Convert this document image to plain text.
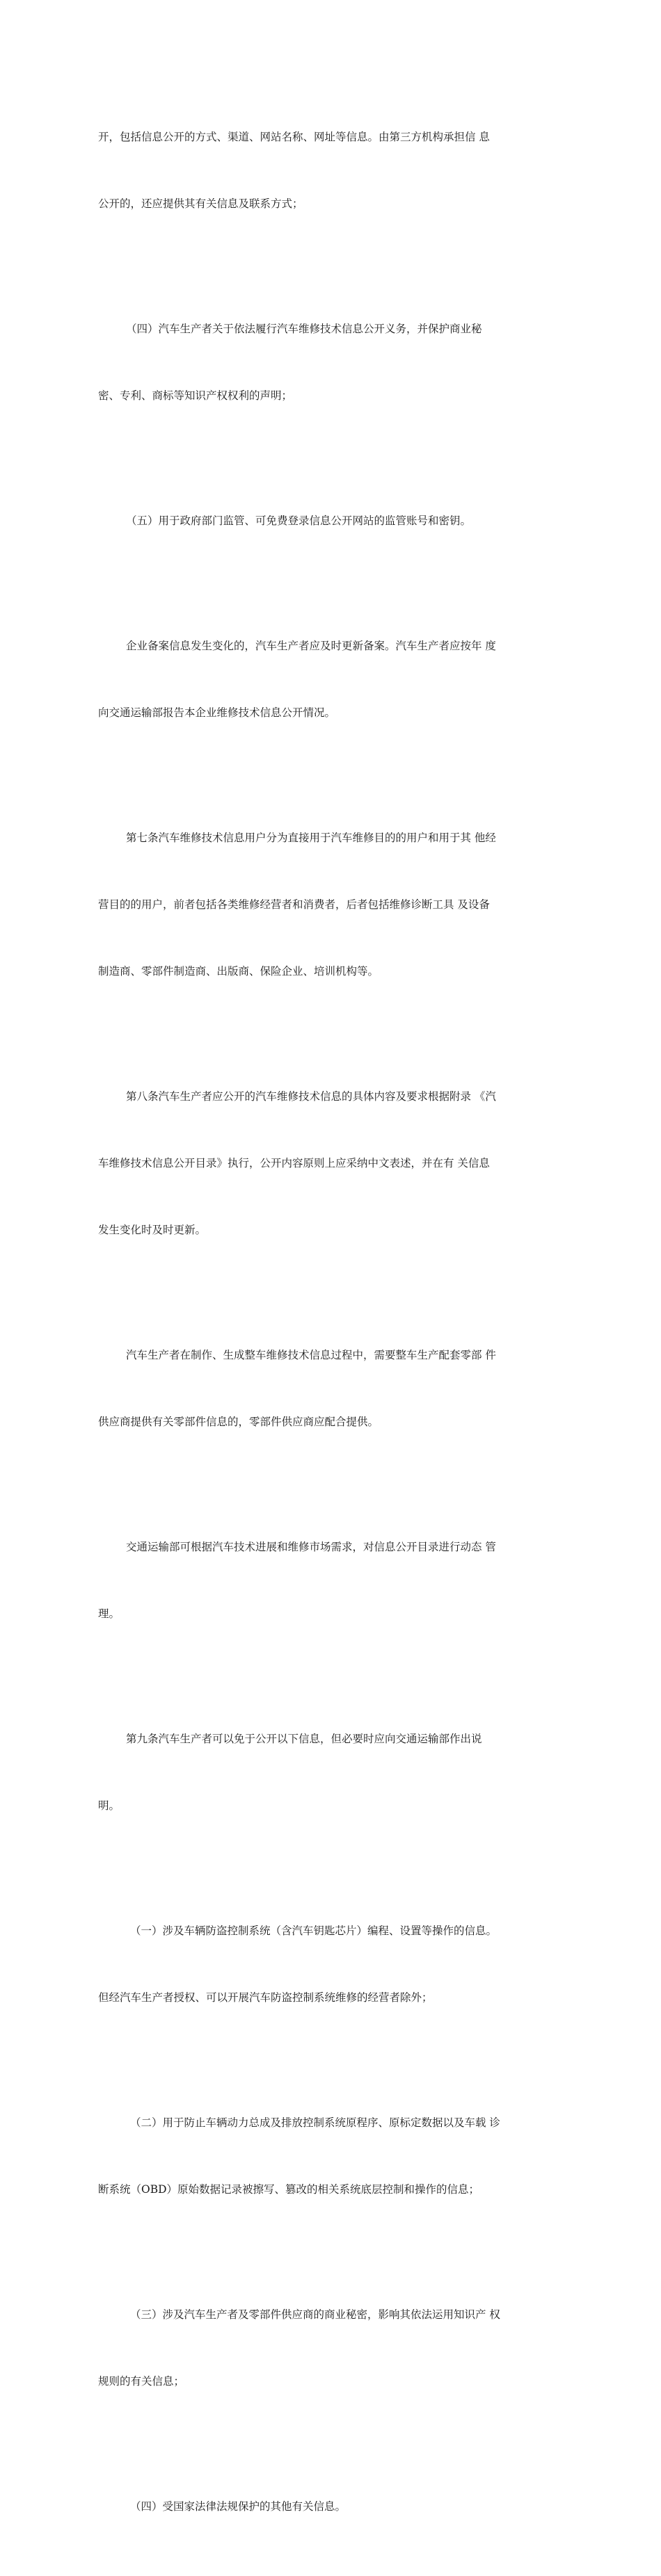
开，包括信息公开的方式、渠道、网站名称、网址等信息。由第三方机构承担信 息

公开的，还应提供其有关信息及联系方式；

（四）汽车生产者关于依法履行汽车维修技术信息公开义务，并保护商业秘

密、专利、商标等知识产权权利的声明；

（五）用于政府部门监管、可免费登录信息公开网站的监管账号和密钥。

企业备案信息发生变化的，汽车生产者应及时更新备案。汽车生产者应按年 度

向交通运输部报告本企业维修技术信息公开情况。

第七条汽车维修技术信息用户分为直接用于汽车维修目的的用户和用于其 他经

营目的的用户，前者包括各类维修经营者和消费者，后者包括维修诊断工具 及设备

制造商、零部件制造商、出版商、保险企业、培训机构等。

第八条汽车生产者应公开的汽车维修技术信息的具体内容及要求根据附录 《汽

车维修技术信息公开目录》执行，公开内容原则上应采纳中文表述，并在有 关信息

发生变化时及时更新。

汽车生产者在制作、生成整车维修技术信息过程中，需要整车生产配套零部 件

供应商提供有关零部件信息的，零部件供应商应配合提供。

交通运输部可根据汽车技术进展和维修市场需求，对信息公开目录进行动态 管

理。

第九条汽车生产者可以免于公开以下信息，但必要时应向交通运输部作出说

明。

（一）涉及车辆防盗控制系统（含汽车钥匙芯片）编程、设置等操作的信息。

但经汽车生产者授权、可以开展汽车防盗控制系统维修的经营者除外；

（二）用于防止车辆动力总成及排放控制系统原程序、原标定数据以及车载 诊

断系统（OBD）原始数据记录被擦写、篡改的相关系统底层控制和操作的信息；

（三）涉及汽车生产者及零部件供应商的商业秘密，影响其依法运用知识产 权

规则的有关信息；

（四）受国家法律法规保护的其他有关信息。
